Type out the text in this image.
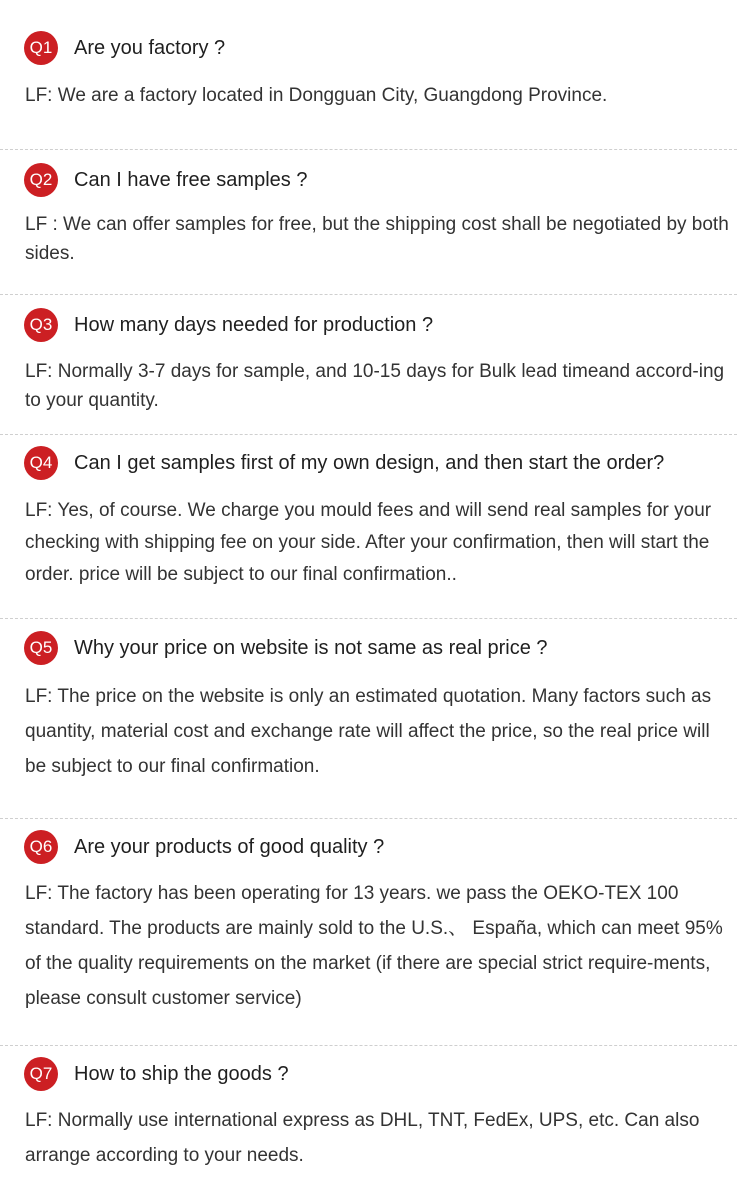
Q1 Are you factory ?

LF: We are a factory located in Dongguan City, Guangdong Province.

Q2 Can I have free samples ?

LF : We can offer samples for free, but the shipping cost shall be negotiated by both sides.

Q3 How many days needed for production ?

LF: Normally 3-7 days for sample, and 10-15 days for Bulk lead timeand accord-ing to your quantity.

Q4 Can I get samples first of my own design, and then start the order?

LF: Yes, of course. We charge you mould fees and will send real samples for your checking with shipping fee on your side. After your confirmation, then will start the order. price will be subject to our final confirmation..

Q5 Why your price on website is not same as real price ?

LF: The price on the website is only an estimated quotation. Many factors such as quantity, material cost and exchange rate will affect the price, so the real price will be subject to our final confirmation.

Q6 Are your products of good quality ?

LF: The factory has been operating for 13 years. we pass the OEKO-TEX 100 standard. The products are mainly sold to the U.S.、 España, which can meet 95% of the quality requirements on the market (if there are special strict require-ments, please consult customer service)

Q7 How to ship the goods ?

LF: Normally use international express as DHL, TNT, FedEx, UPS, etc. Can also arrange according to your needs.
